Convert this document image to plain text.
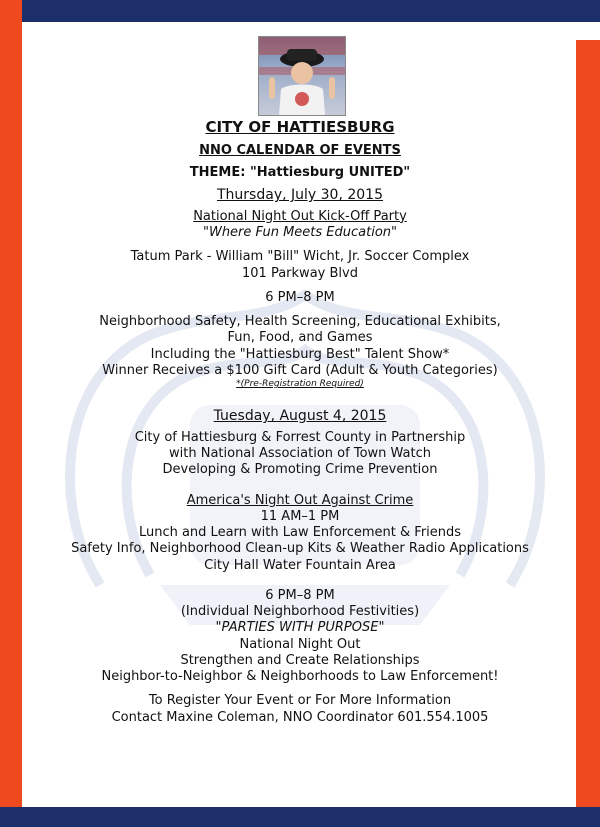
CITY OF HATTIESBURG

NNO CALENDAR OF EVENTS

THEME: "Hattiesburg UNITED"

Thursday, July 30, 2015

National Night Out Kick-Off Party

"Where Fun Meets Education"

Tatum Park - William "Bill" Wicht, Jr. Soccer Complex

101 Parkway Blvd

6 PM–8 PM

Neighborhood Safety, Health Screening, Educational Exhibits,

Fun, Food, and Games

Including the "Hattiesburg Best" Talent Show*

Winner Receives a $100 Gift Card (Adult & Youth Categories)

*(Pre-Registration Required)

Tuesday, August 4, 2015

City of Hattiesburg & Forrest County in Partnership

with National Association of Town Watch

Developing & Promoting Crime Prevention

America's Night Out Against Crime

11 AM–1 PM

Lunch and Learn with Law Enforcement & Friends

Safety Info, Neighborhood Clean-up Kits & Weather Radio Applications

City Hall Water Fountain Area

6 PM–8 PM

(Individual Neighborhood Festivities)

"PARTIES WITH PURPOSE"

National Night Out

Strengthen and Create Relationships

Neighbor-to-Neighbor & Neighborhoods to Law Enforcement!

To Register Your Event or For More Information

Contact Maxine Coleman, NNO Coordinator 601.554.1005
